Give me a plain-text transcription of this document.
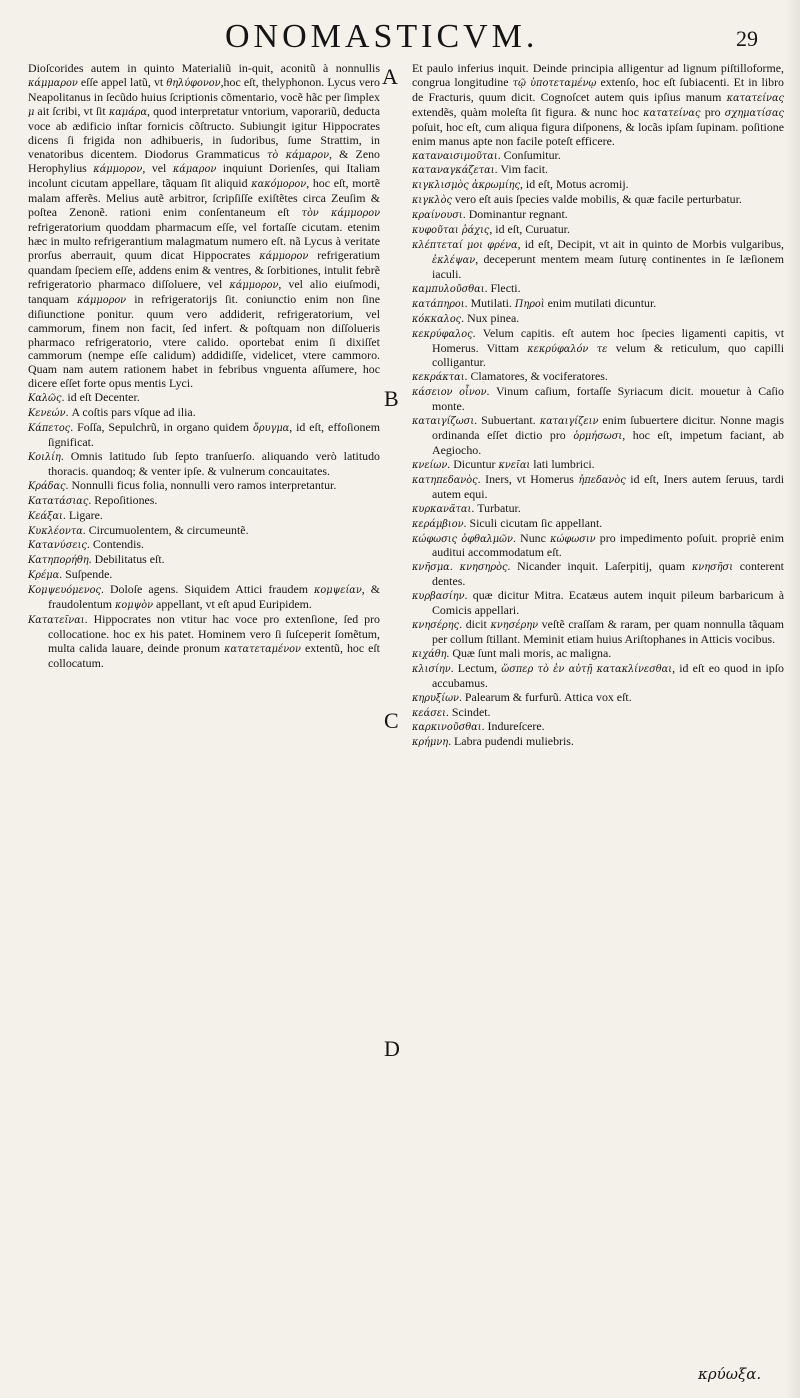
ONOMASTICVM.	29
A
B
C
D

Dioſcorides autem in quinto Materialiũ in-quit, aconitũ à nonnullis κάμμαρον eſſe appel latũ, vt θηλύφονον,hoc eſt, thelyphonon. Lycus vero Neapolitanus in ſecũdo huius ſcriptionis cõmentario, vocẽ hãc per ſimplex μ ait ſcribi, vt ſit καμάρα, quod interpretatur vntorium, vaporariũ, deducta voce ab ædificio inſtar fornicis cõſtructo. Subiungit igitur Hippocrates dicens ſi frigida non adhibueris, in ſudoribus, ſume Strattim, in venatoribus dicentem. Diodorus Grammaticus τὸ κάμαρον, & Zeno Herophylius κάμμορον, vel κάμαρον inquiunt Dorienſes, qui Italiam incolunt cicutam appellare, tãquam ſit aliquid κακόμορον, hoc eſt, mortẽ malam afferẽs. Melius autẽ arbitror, ſcripſiſſe exiſtẽtes circa Zeuſim & poſtea Zenonẽ. rationi enim conſentaneum eſt τὸν κάμμορον refrigeratorium quoddam pharmacum eſſe, vel fortaſſe cicutam. etenim hæc in multo refrigerantium malagmatum numero eſt. nã Lycus à veritate prorſus aberrauit, quum dicat Hippocrates κάμμορον refrigeratium quandam ſpeciem eſſe, addens enim & ventres, & ſorbitiones, intulit febrẽ refrigeratorio pharmaco diſſoluere, vel κάμμορον, vel alio eiuſmodi, tanquam κάμμορον in refrigeratorijs ſit. coniunctio enim non ſine diſiunctione ponitur. quum vero addiderit, refrigeratorium, vel cammorum, finem non facit, ſed infert. & poſtquam non diſſolueris pharmaco refrigeratorio, vtere calido. oportebat enim ſi dixiſſet cammorum (nempe eſſe calidum) addidiſſe, videlicet, vtere cammoro. Quam nam autem rationem habet in febribus vnguenta aſſumere, hoc dicere eſſet forte opus mentis Lyci.

Καλῶς. id eſt Decenter.

Κενεών. A coſtis pars vſque ad ilia.

Κάπετος. Foſſa, Sepulchrũ, in organo quidem ὄρυγμα, id eſt, effoſionem ſignificat.

Κοιλίη. Omnis latitudo ſub ſepto tranſuerſo. aliquando verò latitudo thoracis. quandoq; & venter ipſe. & vulnerum concauitates.

Κράδας. Nonnulli ficus folia, nonnulli vero ramos interpretantur.

Κατατάσιας. Repoſitiones.

Κεάξαι. Ligare.

Κυκλέοντα. Circumuolentem, & circumeuntẽ.

Κατανύσεις. Contendis.

Κατηπορήθη. Debilitatus eſt.

Κρέμα. Suſpende.

Κομψευόμενος. Doloſe agens. Siquidem Attici fraudem κομψείαν, & fraudolentum κομψὸν appellant, vt eſt apud Euripidem.

Κατατεῖναι. Hippocrates non vtitur hac voce pro extenſione, ſed pro collocatione. hoc ex his patet. Hominem vero ſi ſuſceperit ſomẽtum, multa calida lauare, deinde pronum κατατεταμένον extentũ, hoc eſt collocatum.

Et paulo inferius inquit. Deinde principia alligentur ad lignum piſtilloforme, congrua longitudine τῷ ὑποτεταμένῳ extenſo, hoc eſt ſubiacenti. Et in libro de Fracturis, quum dicit. Cognoſcet autem quis ipſius manum κατατείνας extendẽs, quàm moleſta ſit figura. & nunc hoc κατατείνας pro σχηματίσας poſuit, hoc eſt, cum aliqua figura diſponens, & locãs ipſam ſupinam. poſitione enim manus apte non facile poteſt efficere.

καταναισιμοῦται. Conſumitur.

καταναγκάζεται. Vim facit.

κιγκλισμὸς ἀκρωμίης, id eſt, Motus acromij.

κιγκλὸς vero eſt auis ſpecies valde mobilis, & quæ facile perturbatur.

κραίνουσι. Dominantur regnant.

κυφοῦται ῥάχις, id eſt, Curuatur.

κλέπτεταί μοι φρένα, id eſt, Decipit, vt ait in quinto de Morbis vulgaribus, ἐκλέψαν, deceperunt mentem meam ſuturę continentes in ſe læſionem iaculi.

καμπυλοῦσθαι. Flecti.

κατάπηροι. Mutilati. Πηροὶ enim mutilati dicuntur.

κόκκαλος. Nux pinea.

κεκρύφαλος. Velum capitis. eſt autem hoc ſpecies ligamenti capitis, vt Homerus. Vittam κεκρύφαλόν τε velum & reticulum, quo capilli colligantur.

κεκράκται. Clamatores, & vociferatores.

κάσειον οἶνον. Vinum caſium, fortaſſe Syriacum dicit. mouetur à Caſio monte.

καταιγίζωσι. Subuertant. καταιγίζειν enim ſubuertere dicitur. Nonne magis ordinanda eſſet dictio pro ὁρμήσωσι, hoc eſt, impetum faciant, ab Aegiocho.

κνείων. Dicuntur κνεῖαι lati lumbrici.

κατηπεδανὸς. Iners, vt Homerus ἠπεδανὸς id eſt, Iners autem ſeruus, tardi autem equi.

κυρκανᾶται. Turbatur.

κεράμβιον. Siculi cicutam ſic appellant.

κώφωσις ὀφθαλμῶν. Nunc κώφωσιν pro impedimento poſuit. propriè enim auditui accommodatum eſt.

κνῆσμα. κνησηρὸς. Nicander inquit. Laſerpitij, quam κνησῆσι conterent dentes.

κυρβασίην. quæ dicitur Mitra. Ecatæus autem inquit pileum barbaricum à Comicis appellari.

κνησέρης. dicit κνησέρην veſtẽ craſſam & raram, per quam nonnulla tãquam per collum ſtillant. Meminit etiam huius Ariſtophanes in Atticis vocibus.

κιχάθη. Quæ ſunt mali moris, ac maligna.

κλισίην. Lectum, ὥσπερ τὸ ἐν αὐτῇ κατακλίνεσθαι, id eſt eo quod in ipſo accubamus.

κηρυξίων. Palearum & furfurũ. Attica vox eſt.

κεάσει. Scindet.

καρκινοῦσθαι. Indureſcere.

κρήμνη. Labra pudendi muliebris.

κρύωξα.
